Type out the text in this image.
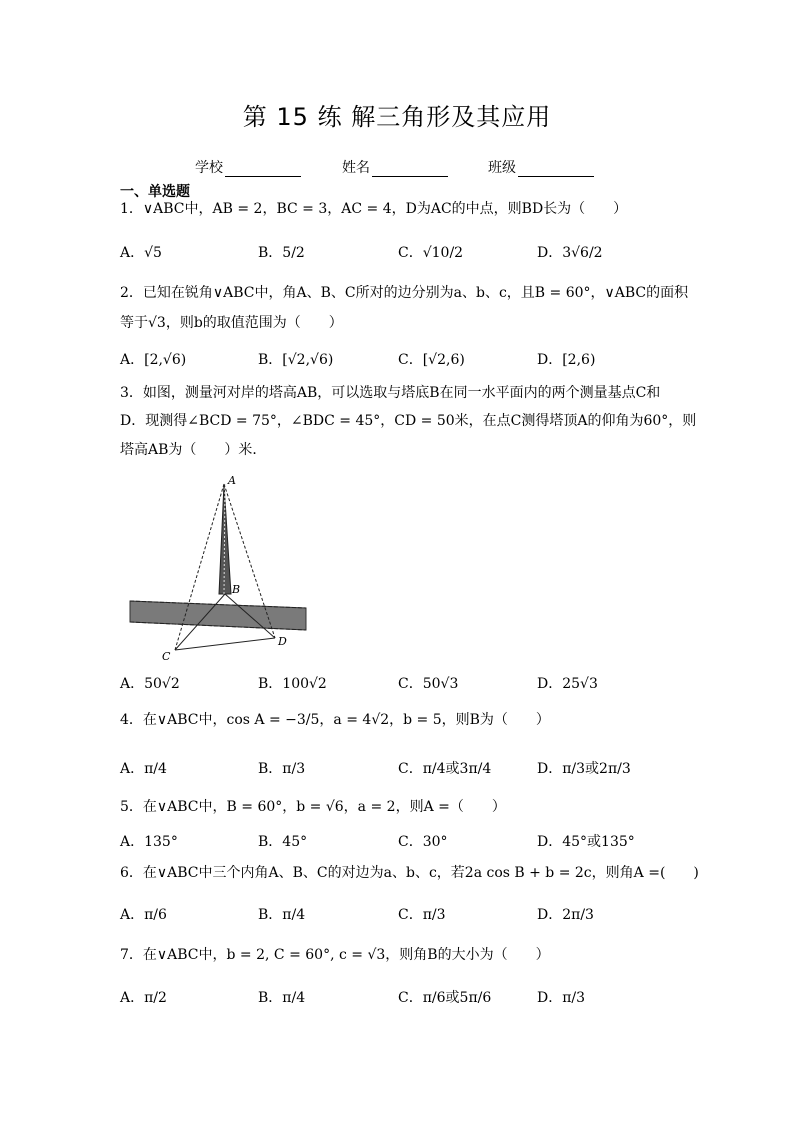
第 15 练 解三角形及其应用
学校	姓名	班级
一、单选题
1．∨ABC中，AB = 2，BC = 3，AC = 4，D为AC的中点，则BD长为（　　）
A．√5	B．5/2	C．√10/2	D．3√6/2
2．已知在锐角∨ABC中，角A、B、C所对的边分别为a、b、c，且B = 60°，∨ABC的面积
等于√3，则b的取值范围为（　　）
A．[2,√6)	B．[√2,√6)	C．[√2,6)	D．[2,6)
3．如图，测量河对岸的塔高AB，可以选取与塔底B在同一水平面内的两个测量基点C和
D．现测得∠BCD = 75°，∠BDC = 45°，CD = 50米，在点C测得塔顶A的仰角为60°，则
塔高AB为（　　）米．
A
B
C
D
A．50√2	B．100√2	C．50√3	D．25√3
4．在∨ABC中，cos A = −3/5，a = 4√2，b = 5，则B为（　　）
A．π/4	B．π/3	C．π/4或3π/4	D．π/3或2π/3
5．在∨ABC中，B = 60°，b = √6，a = 2，则A =（　　）
A．135°	B．45°	C．30°	D．45°或135°
6．在∨ABC中三个内角A、B、C的对边为a、b、c，若2a cos B + b = 2c，则角A =(　　)
A．π/6	B．π/4	C．π/3	D．2π/3
7．在∨ABC中，b = 2, C = 60°, c = √3，则角B的大小为（　　）
A．π/2	B．π/4	C．π/6或5π/6	D．π/3
